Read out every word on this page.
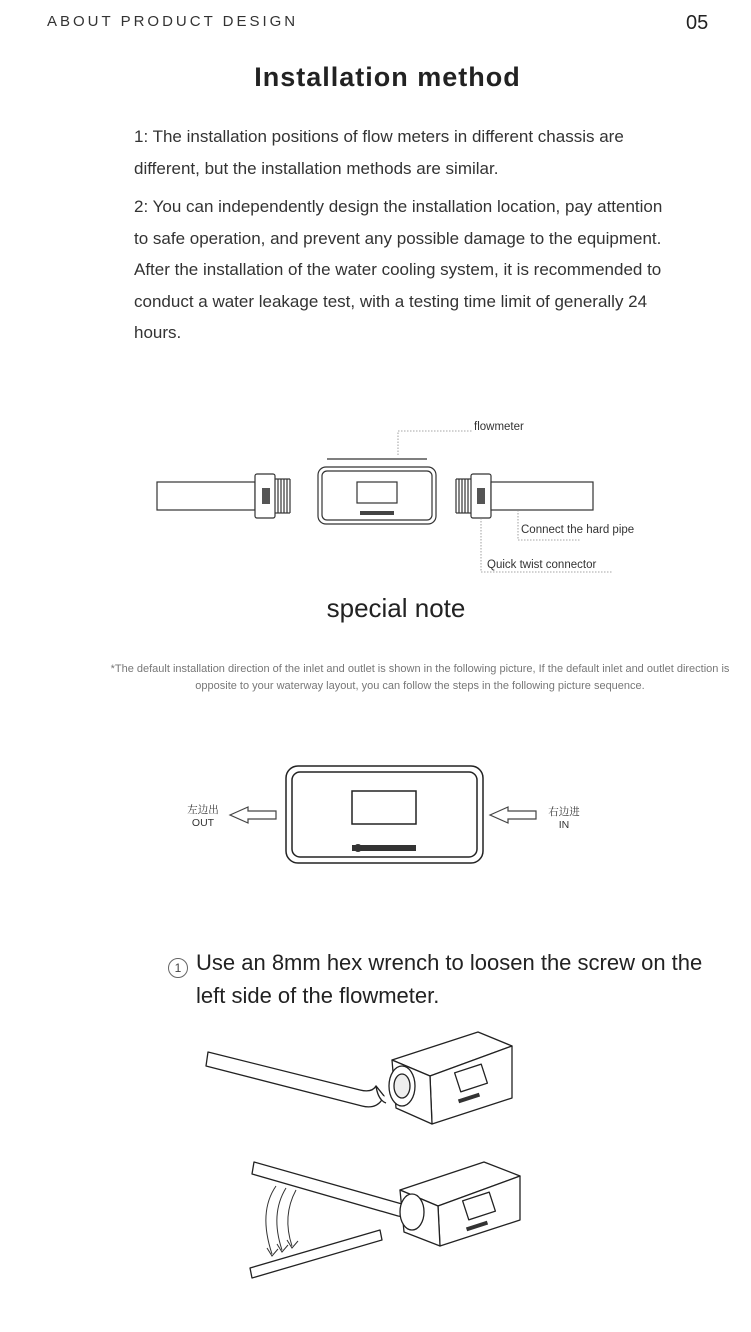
ABOUT PRODUCT DESIGN	05
Installation method
1: The installation positions of flow meters in different chassis are different, but the installation methods are similar.
2: You can independently design the installation location, pay attention to safe operation, and prevent any possible damage to the equipment. After the installation of the water cooling system, it is recommended to conduct a water leakage test, with a testing time limit of generally 24 hours.
flowmeter
Connect the hard pipe
Quick twist connector
special note
*The default installation direction of the inlet and outlet is shown in the following picture, If the default inlet and outlet direction is opposite to your waterway layout, you can follow the steps in the following picture sequence.
左边出
OUT
右边进
IN
1 Use an 8mm hex wrench to loosen the screw on the left side of the flowmeter.
